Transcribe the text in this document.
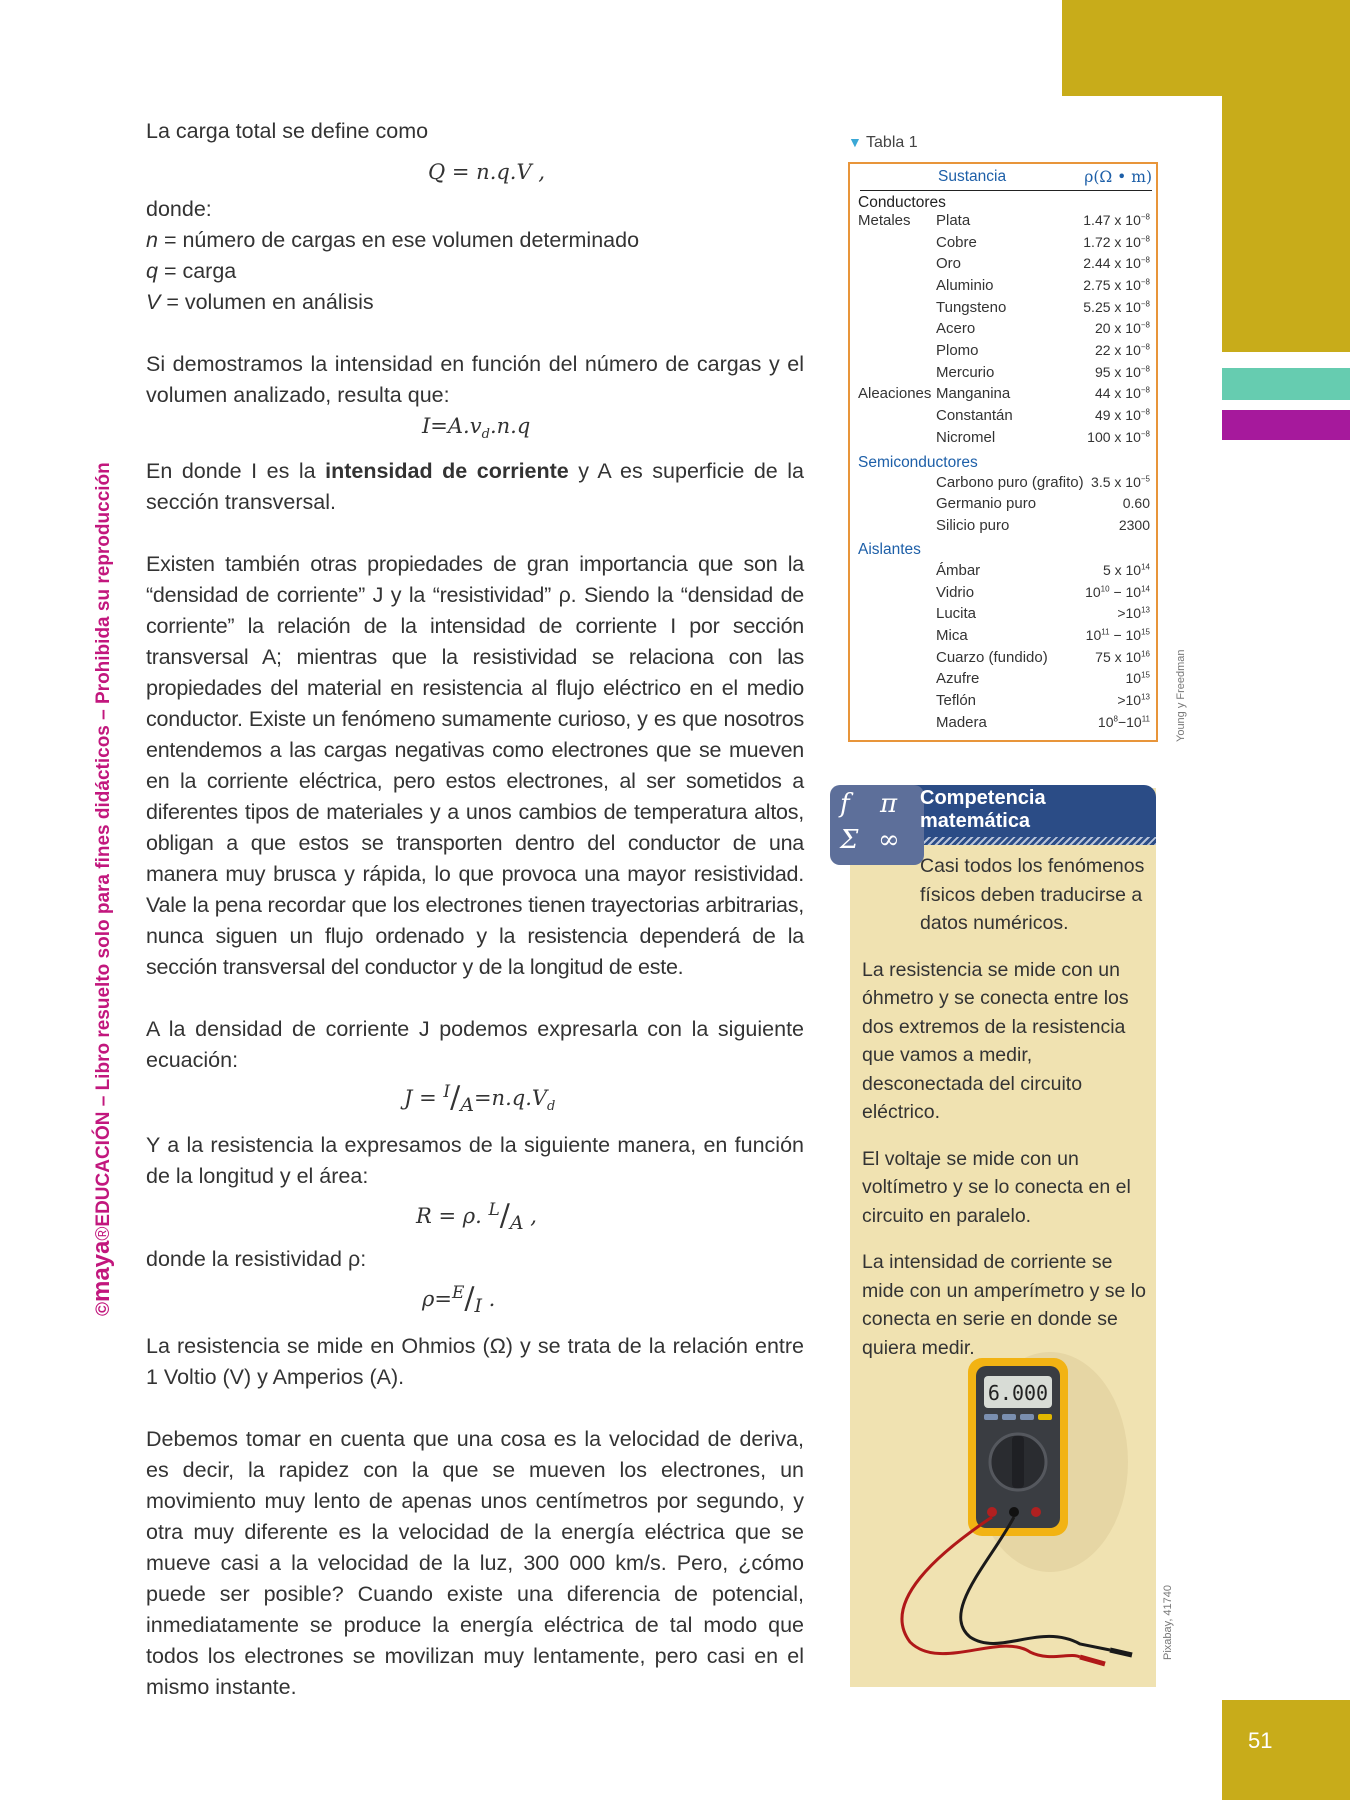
51
©maya®EDUCACIÓN – Libro resuelto solo para fines didácticos – Prohibida su reproducción

La carga total se define como

Q = n.q.V ,

donde:

n = número de cargas en ese volumen determinado

q = carga

V = volumen en análisis

Si demostramos la intensidad en función del número de cargas y el volumen analizado, resulta que:

$I=A.v_d.n.q$

En donde I es la intensidad de corriente y A es superficie de la sección transversal.

Existen también otras propiedades de gran importancia que son la “densidad de corriente” J y la “resistividad” ρ. Siendo la “densidad de corriente” la relación de la intensidad de corriente I por sección transversal A; mientras que la resistividad se relaciona con las propiedades del material en resistencia al flujo eléctrico en el medio conductor. Existe un fenómeno sumamente curioso, y es que nosotros entendemos a las cargas negativas como electrones que se mueven en la corriente eléctrica, pero estos electrones, al ser sometidos a diferentes tipos de materiales y a unos cambios de temperatura altos, obligan a que estos se transporten dentro del conductor de una manera muy brusca y rápida, lo que provoca una mayor resistividad. Vale la pena recordar que los electrones tienen trayectorias arbitrarias, nunca siguen un flujo ordenado y la resistencia dependerá de la sección transversal del conductor y de la longitud de este.

A la densidad de corriente J podemos expresarla con la siguiente ecuación:

$J = ^I/A=n.q.V_d$

Y a la resistencia la expresamos de la siguiente manera, en función de la longitud y el área:

R = ρ. $^L$/A ,

donde la resistividad ρ:

ρ=$^E$/I .

La resistencia se mide en Ohmios (Ω) y se trata de la relación entre 1 Voltio (V) y Amperios (A).

Debemos tomar en cuenta que una cosa es la velocidad de deriva, es decir, la rapidez con la que se mueven los electrones, un movimiento muy lento de apenas unos centímetros por segundo, y otra muy diferente es la velocidad de la energía eléctrica que se mueve casi a la velocidad de la luz, 300 000 km/s. Pero, ¿cómo puede ser posible? Cuando existe una diferencia de potencial, inmediatamente se produce la energía eléctrica de tal modo que todos los electrones se movilizan muy lentamente, pero casi en el mismo instante.

▼ Tabla 1
Sustancia	ρ(Ω • m)
Conductores
Semiconductores
Aislantes
Metales Plata	1.47 x $10^{-8}$
Cobre	1.72 x $10^{-8}$
Oro	2.44 x $10^{-8}$
Aluminio	2.75 x $10^{-8}$
Tungsteno	5.25 x $10^{-8}$
Acero	20 x $10^{-8}$
Plomo	22 x $10^{-8}$
Mercurio	95 x $10^{-8}$
Aleaciones Manganina	44 x $10^{-8}$
Constantán	49 x $10^{-8}$
Nicromel	100 x $10^{-8}$
Carbono puro (grafito) 3.5 x $10^{-5}$
Germanio puro	0.60
Silicio puro	2300
Ámbar	5 x $10^{14}$
Vidrio	$10^{10} - 10^{14}$
Lucita	$>10^{13}$
Mica	$10^{11} - 10^{15}$
Cuarzo (fundido)	75 x $10^{16}$
Azufre	$10^{15}$
Teflón	$>10^{13}$
Madera	$10^8-10^{11}$ Young y Freedman
f π
Σ ∞
Competencia
matemática

Casi todos los fenómenos físicos deben traducirse a datos numéricos.

La resistencia se mide con un óhmetro y se conecta entre los dos extremos de la resistencia que vamos a medir, desconectada del circuito eléctrico.

El voltaje se mide con un voltímetro y se lo conecta en el circuito en paralelo.

La intensidad de corriente se mide con un amperímetro y se lo conecta en serie en donde se quiera medir.

6.000
Pixabay, 41740
